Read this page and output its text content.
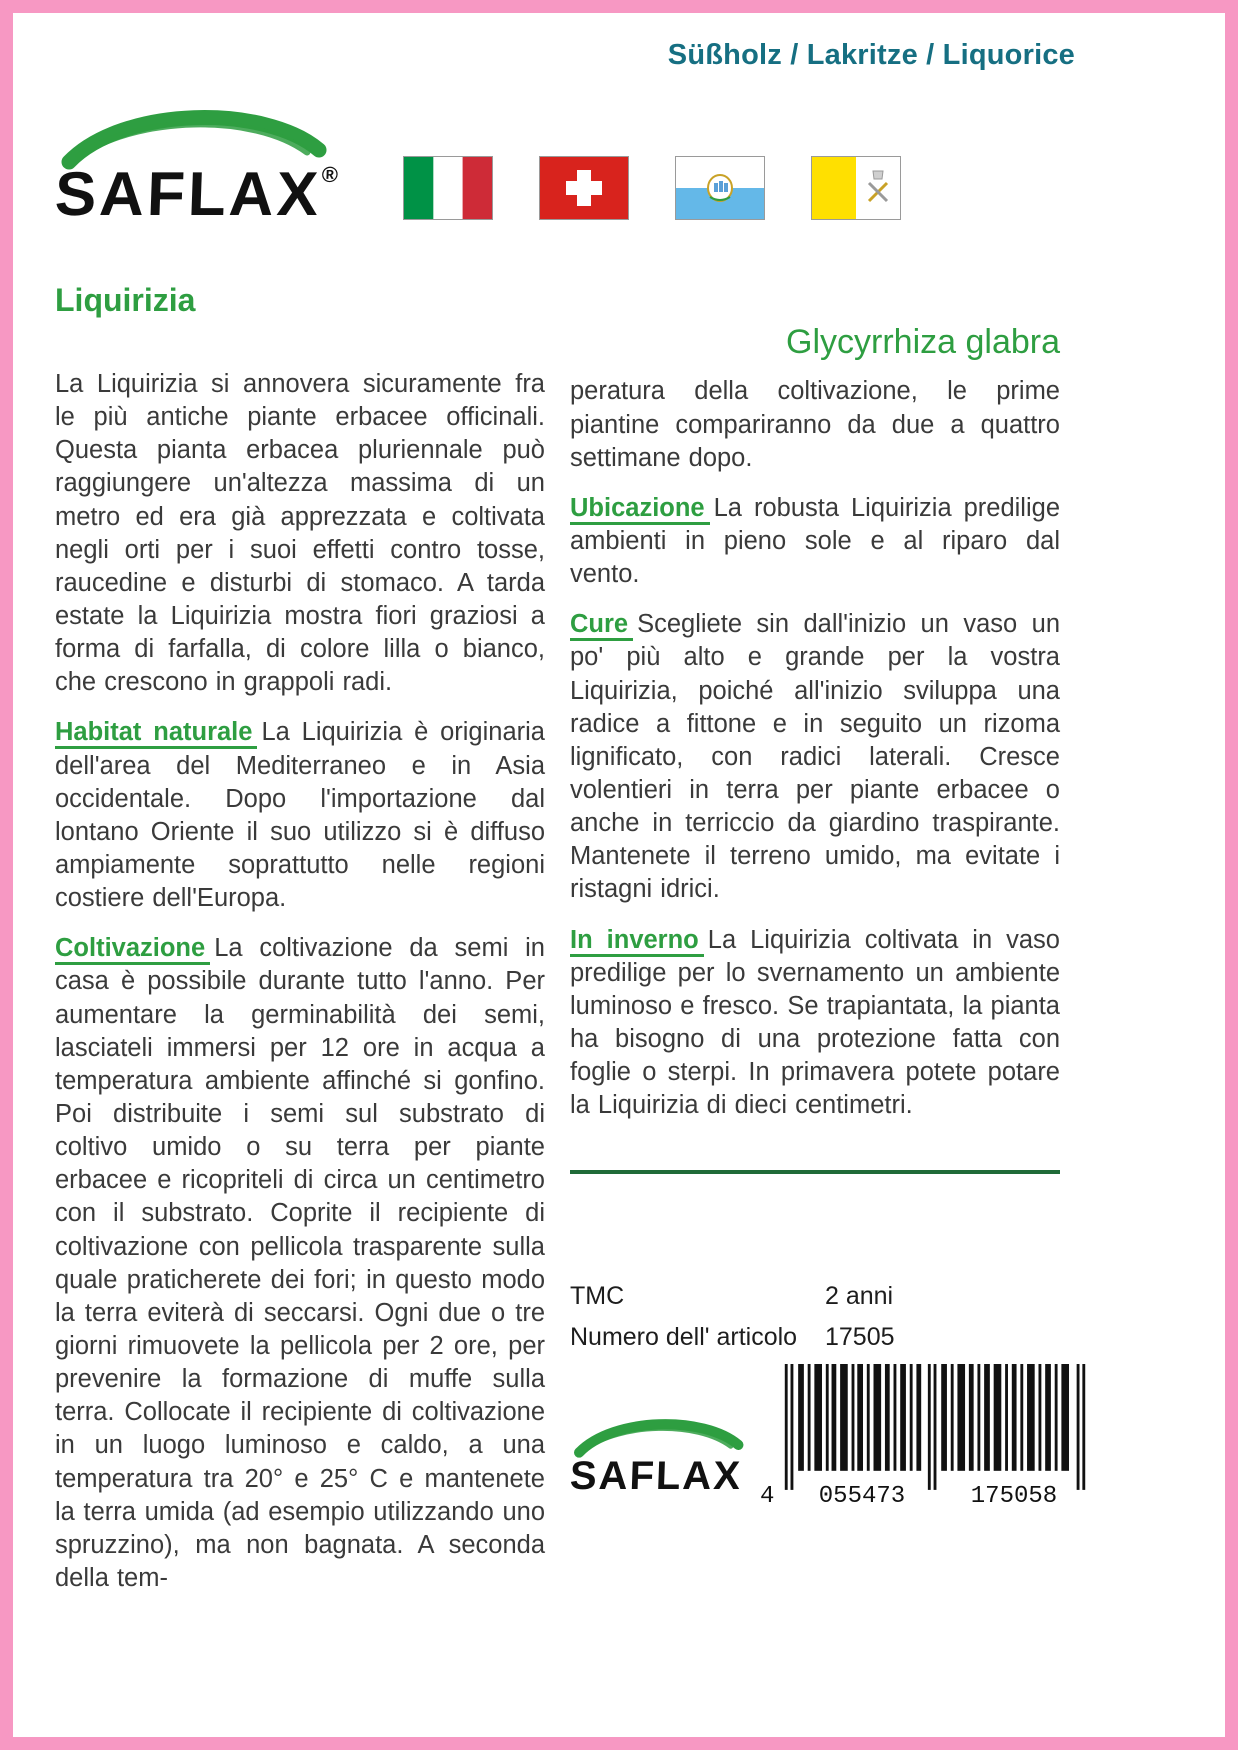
Süßholz / Lakritze / Liquorice
SAFLAX®
Liquirizia

La Liquirizia si annovera sicuramente fra le più antiche piante erbacee officinali. Questa pianta erbacea pluriennale può raggiungere un'altezza massima di un metro ed era già apprezzata e coltivata negli orti per i suoi effetti contro tosse, raucedine e disturbi di stomaco. A tarda estate la Liquirizia mostra fiori graziosi a forma di farfalla, di colore lilla o bianco, che crescono in grappoli radi.

Habitat naturale La Liquirizia è originaria dell'area del Mediterraneo e in Asia occidentale. Dopo l'importazione dal lontano Oriente il suo utilizzo si è diffuso ampiamente soprattutto nelle regioni costiere dell'Europa.

Coltivazione La coltivazione da semi in casa è possibile durante tutto l'anno. Per aumentare la germinabilità dei semi, lasciateli immersi per 12 ore in acqua a temperatura ambiente affinché si gonfino. Poi distribuite i semi sul substrato di coltivo umido o su terra per piante erbacee e ricopriteli di circa un centimetro con il substrato. Coprite il recipiente di coltivazione con pellicola trasparente sulla quale praticherete dei fori; in questo modo la terra eviterà di seccarsi. Ogni due o tre giorni rimuovete la pellicola per 2 ore, per prevenire la formazione di muffe sulla terra. Collocate il recipiente di coltivazione in un luogo luminoso e caldo, a una temperatura tra 20° e 25° C e mantenete la terra umida (ad esempio utilizzando uno spruzzino), ma non bagnata. A seconda della tem-

Glycyrrhiza glabra

peratura della coltivazione, le prime piantine compariranno da due a quattro settimane dopo.

Ubicazione La robusta Liquirizia predilige ambienti in pieno sole e al riparo dal vento.

Cure Scegliete sin dall'inizio un vaso un po' più alto e grande per la vostra Liquirizia, poiché all'inizio sviluppa una radice a fittone e in seguito un rizoma lignificato, con radici laterali. Cresce volentieri in terra per piante erbacee o anche in terriccio da giardino traspirante. Mantenete il terreno umido, ma evitate i ristagni idrici.

In inverno La Liquirizia coltivata in vaso predilige per lo svernamento un ambiente luminoso e fresco. Se trapiantata, la pianta ha bisogno di una protezione fatta con foglie o sterpi. In primavera potete potare la Liquirizia di dieci centimetri.

TMC	2 anni
Numero dell' articolo	17505
SAFLAX 4	055473	175058
